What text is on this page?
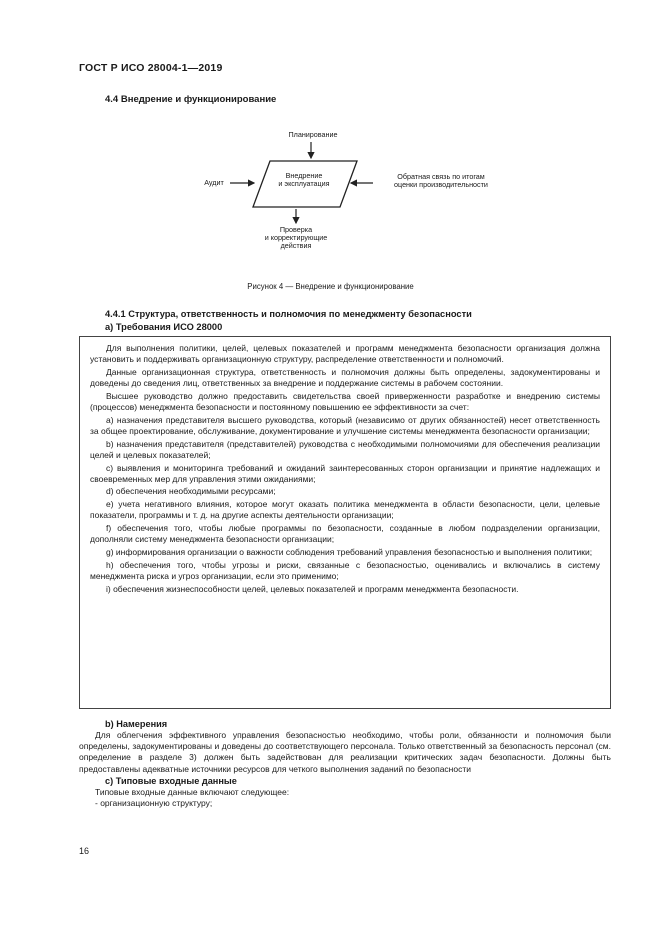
ГОСТ Р ИСО 28004-1—2019
4.4 Внедрение и функционирование
Планирование
Внедрение
и эксплуатация
Аудит
Обратная связь по итогам
оценки производительности
Проверка
и корректирующие
действия
Рисунок 4 — Внедрение и функционирование
4.4.1 Структура, ответственность и полномочия по менеджменту безопасности
а) Требования ИСО 28000

Для выполнения политики, целей, целевых показателей и программ менеджмента безопасности организация должна установить и поддерживать организационную структуру, распределение ответственности и полномочий.

Данные организационная структура, ответственность и полномочия должны быть определены, задокументированы и доведены до сведения лиц, ответственных за внедрение и поддержание системы в рабочем состоянии.

Высшее руководство должно предоставить свидетельства своей приверженности разработке и внедрению системы (процессов) менеджмента безопасности и постоянному повышению ее эффективности за счет:

а) назначения представителя высшего руководства, который (независимо от других обязанностей) несет ответственность за общее проектирование, обслуживание, документирование и улучшение системы менеджмента безопасности организации;

b) назначения представителя (представителей) руководства с необходимыми полномочиями для обеспечения реализации целей и целевых показателей;

c) выявления и мониторинга требований и ожиданий заинтересованных сторон организации и принятие надлежащих и своевременных мер для управления этими ожиданиями;

d) обеспечения необходимыми ресурсами;

e) учета негативного влияния, которое могут оказать политика менеджмента в области безопасности, цели, целевые показатели, программы и т. д. на другие аспекты деятельности организации;

f) обеспечения того, чтобы любые программы по безопасности, созданные в любом подразделении организации, дополняли систему менеджмента безопасности организации;

g) информирования организации о важности соблюдения требований управления безопасностью и выполнения политики;

h) обеспечения того, чтобы угрозы и риски, связанные с безопасностью, оценивались и включались в систему менеджмента риска и угроз организации, если это применимо;

i) обеспечения жизнеспособности целей, целевых показателей и программ менеджмента безопасности.

b) Намерения

Для облегчения эффективного управления безопасностью необходимо, чтобы роли, обязанности и полномочия были определены, задокументированы и доведены до соответствующего персонала. Только ответственный за безопасность персонал (см. определение в разделе 3) должен быть задействован для реализации критических задач безопасности. Должны быть предоставлены адекватные источники ресурсов для четкого выполнения заданий по безопасности

c) Типовые входные данные

Типовые входные данные включают следующее:

- организационную структуру;

16
